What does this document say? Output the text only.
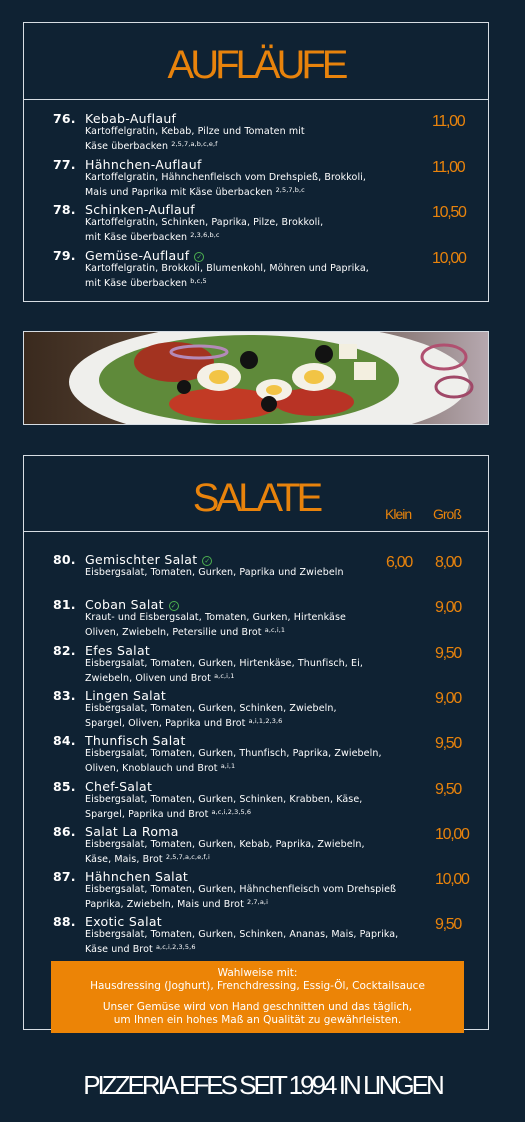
AUFLÄUFE
76. Kebab-Auflauf
Kartoffelgratin, Kebab, Pilze und Tomaten mit
Käse überbacken $^{2,5,7,a,b,c,e,f}$
11,00
77. Hähnchen-Auflauf
Kartoffelgratin, Hähnchenfleisch vom Drehspieß, Brokkoli,
Mais und Paprika mit Käse überbacken $^{2,5,7,b,c}$
11,00
78. Schinken-Auflauf
Kartoffelgratin, Schinken, Paprika, Pilze, Brokkoli,
mit Käse überbacken $^{2,3,6,b,c}$
10,50
79. Gemüse-Auflauf ✓
Kartoffelgratin, Brokkoli, Blumenkohl, Möhren und Paprika,
mit Käse überbacken $^{b,c,5}$
10,00
SALATE	Klein Groß
80. Gemischter Salat ✓
Eisbergsalat, Tomaten, Gurken, Paprika und Zwiebeln
6,00 8,00
81. Coban Salat ✓
Kraut- und Eisbergsalat, Tomaten, Gurken, Hirtenkäse
Oliven, Zwiebeln, Petersilie und Brot $^{a,c,i,1}$
9,00
82. Efes Salat
Eisbergsalat, Tomaten, Gurken, Hirtenkäse, Thunfisch, Ei,
Zwiebeln, Oliven und Brot $^{a,c,i,1}$
9,50
83. Lingen Salat
Eisbergsalat, Tomaten, Gurken, Schinken, Zwiebeln,
Spargel, Oliven, Paprika und Brot $^{a,i,1,2,3,6}$
9,00
84. Thunfisch Salat
Eisbergsalat, Tomaten, Gurken, Thunfisch, Paprika, Zwiebeln,
Oliven, Knoblauch und Brot $^{a,i,1}$
9,50
85. Chef-Salat
Eisbergsalat, Tomaten, Gurken, Schinken, Krabben, Käse,
Spargel, Paprika und Brot $^{a,c,i,2,3,5,6}$
9,50
86. Salat La Roma
Eisbergsalat, Tomaten, Gurken, Kebab, Paprika, Zwiebeln,
Käse, Mais, Brot $^{2,5,7,a,c,e,f,i}$
10,00
87. Hähnchen Salat
Eisbergsalat, Tomaten, Gurken, Hähnchenfleisch vom Drehspieß
Paprika, Zwiebeln, Mais und Brot $^{2,7,a,i}$
10,00
88. Exotic Salat
Eisbergsalat, Tomaten, Gurken, Schinken, Ananas, Mais, Paprika,
Käse und Brot $^{a,c,i,2,3,5,6}$
9,50
Wahlweise mit:
Hausdressing (Joghurt), Frenchdressing, Essig-Öl, Cocktailsauce
Unser Gemüse wird von Hand geschnitten und das täglich,
um Ihnen ein hohes Maß an Qualität zu gewährleisten.
PIZZERIA EFES SEIT 1994 IN LINGEN
